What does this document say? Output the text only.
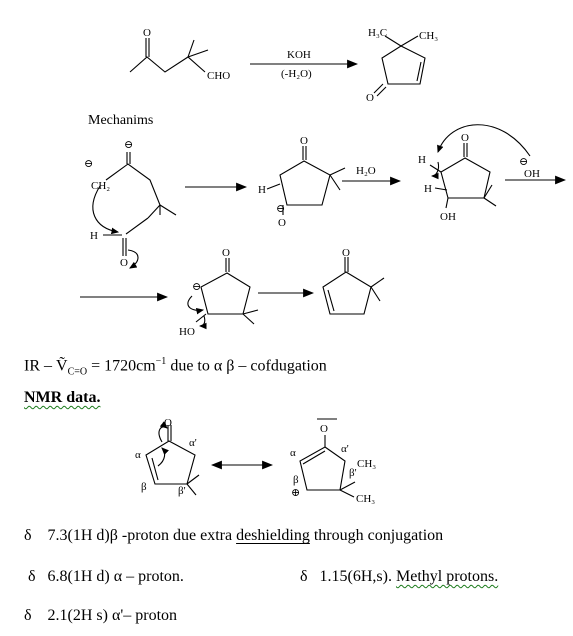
O
CHO
KOH
(-H₂O)
O
H₃C	CH₃
⊖
⊖
CH₂
H
O
O
H
⊖
O
H₂O
O
H
H
OH
⊖
OH
O
⊖
HO
O
O
α
α'
β	β'
O
α	α'
β'
CH₃
CH₃
β
⊕
Mechanims
IR – $Ṽ_{C=O} = 1720cm^{-1}$ due to α β – cofdugation
NMR data.
δ 7.3(1H d)β -proton due extra deshielding through conjugation
δ 6.8(1H d) α – proton.	δ 1.15(6H,s). Methyl protons.
δ 2.1(2H s) α'– proton
